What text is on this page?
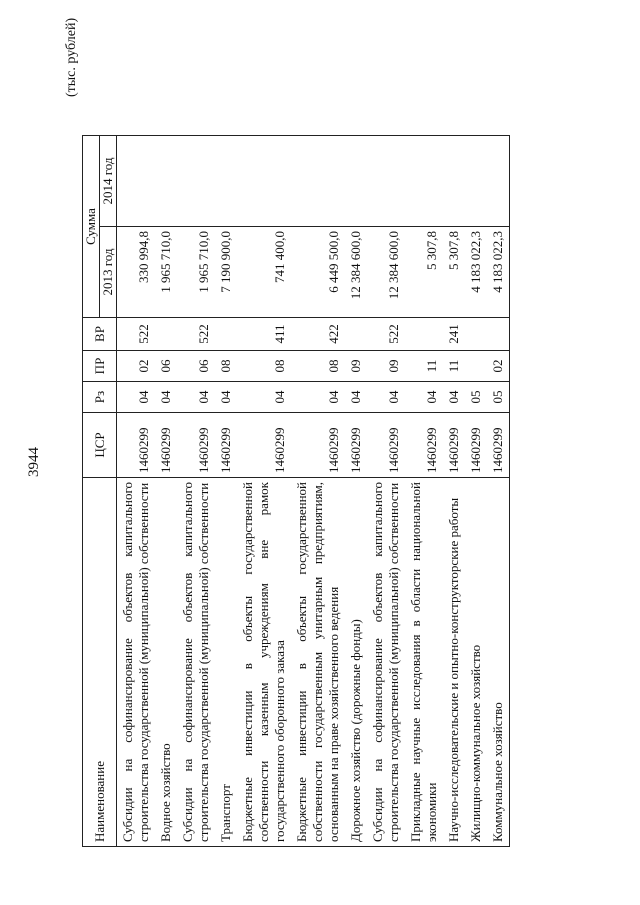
3944
(тыс. рублей)
Наименование	ЦСР	Рз	ПР	ВР	Сумма	
					2013 год	2014 год
Субсидии на софинансирование объектов капитального строительства государственной (муниципальной) собственности	1460299	04	02	522	330 994,8	
Водное хозяйство	1460299	04	06		1 965 710,0	
Субсидии на софинансирование объектов капитального строительства государственной (муниципальной) собственности	1460299	04	06	522	1 965 710,0	
Транспорт	1460299	04	08		7 190 900,0	
Бюджетные инвестиции в объекты государственной собственности казенным учреждениям вне рамок государственного оборонного заказа	1460299	04	08	411	741 400,0	
Бюджетные инвестиции в объекты государственной собственности государственным унитарным предприятиям, основанным на праве хозяйственного ведения	1460299	04	08	422	6 449 500,0	
Дорожное хозяйство (дорожные фонды)	1460299	04	09		12 384 600,0	
Субсидии на софинансирование объектов капитального строительства государственной (муниципальной) собственности	1460299	04	09	522	12 384 600,0	
Прикладные научные исследования в области национальной экономики	1460299	04	11		5 307,8	
Научно-исследовательские и опытно-конструкторские работы	1460299	04	11	241	5 307,8	
Жилищно-коммунальное хозяйство	1460299	05			4 183 022,3	
Коммунальное хозяйство	1460299	05	02		4 183 022,3	
